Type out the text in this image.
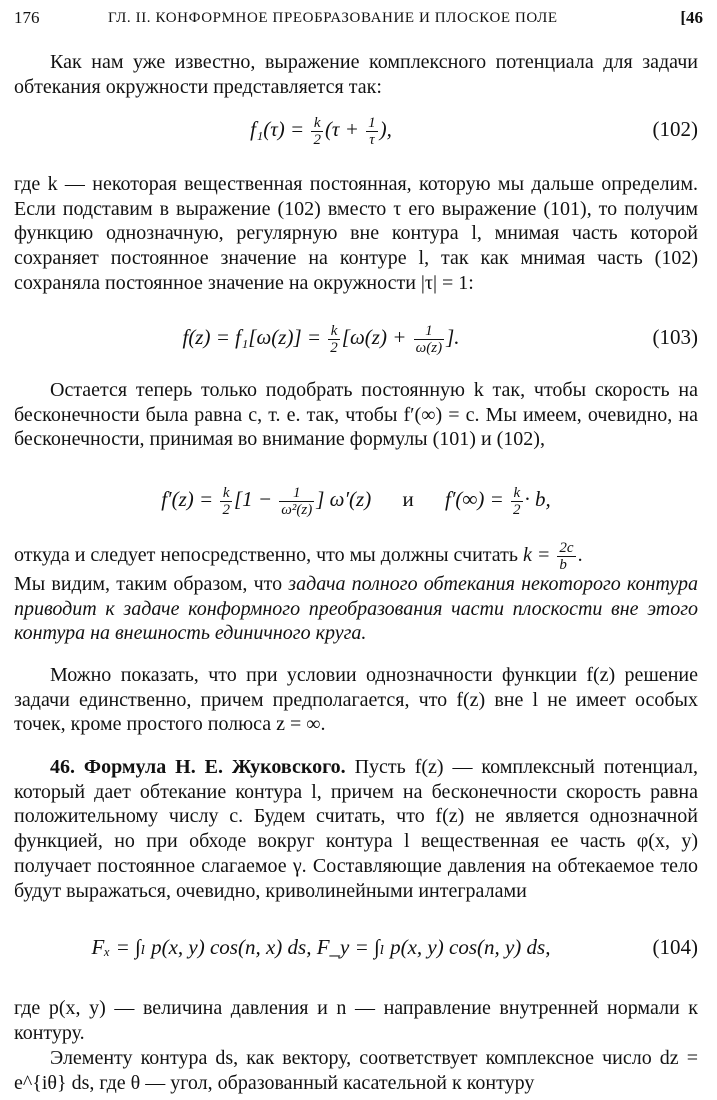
176	ГЛ. II. КОНФОРМНОЕ ПРЕОБРАЗОВАНИЕ И ПЛОСКОЕ ПОЛЕ	[46
Как нам уже известно, выражение комплексного потенциала для задачи обтекания окружности представляется так:
$f_1(\tau) = \frac{k}{2} (\tau + \frac{1}{\tau}$ ),	(102)
где k — некоторая вещественная постоянная, которую мы дальше определим. Если подставим в выражение (102) вместо τ его выражение (101), то получим функцию однозначную, регулярную вне контура l, мнимая часть которой сохраняет постоянное значение на контуре l, так как мнимая часть (102) сохраняла постоянное значение на окружности |τ| = 1:
$f(z) = f_1[\omega(z)] = \frac{k}{2} [\omega(z) + \frac{1}{\omega(z)}$ ].	(103)
Остается теперь только подобрать постоянную k так, чтобы скорость на бесконечности была равна c, т. е. так, чтобы f′(∞) = c. Мы имеем, очевидно, на бесконечности, принимая во внимание формулы (101) и (102),
$f'(z) = \frac{k}{2} [1 - \frac{1}{\text{ω²(z)}}$ ] ω′(z) и $f'(\infty) = \frac{k}{2} \cdot b$,
откуда и следует непосредственно, что мы должны считать $k = \frac{2c}{b}$ .
Мы видим, таким образом, что задача полного обтекания некоторого контура приводит к задаче конформного преобразования части плоскости вне этого контура на внешность единичного круга.
Можно показать, что при условии однозначности функции f(z) решение задачи единственно, причем предполагается, что f(z) вне l не имеет особых точек, кроме простого полюса z = ∞.
46. Формула Н. Е. Жуковского. Пусть f(z) — комплексный потенциал, который дает обтекание контура l, причем на бесконечности скорость равна положительному числу c. Будем считать, что f(z) не является однозначной функцией, но при обходе вокруг контура l вещественная ее часть φ(x, y) получает постоянное слагаемое γ. Составляющие давления на обтекаемое тело будут выражаться, очевидно, криволинейными интегралами
Fₓ = ∫ₗ p(x, y) cos(n, x) ds, F_y = ∫ₗ p(x, y) cos(n, y) ds,	(104)
где p(x, y) — величина давления и n — направление внутренней нормали к контуру.
Элементу контура ds, как вектору, соответствует комплексное число dz = e^{iθ} ds, где θ — угол, образованный касательной к контуру
